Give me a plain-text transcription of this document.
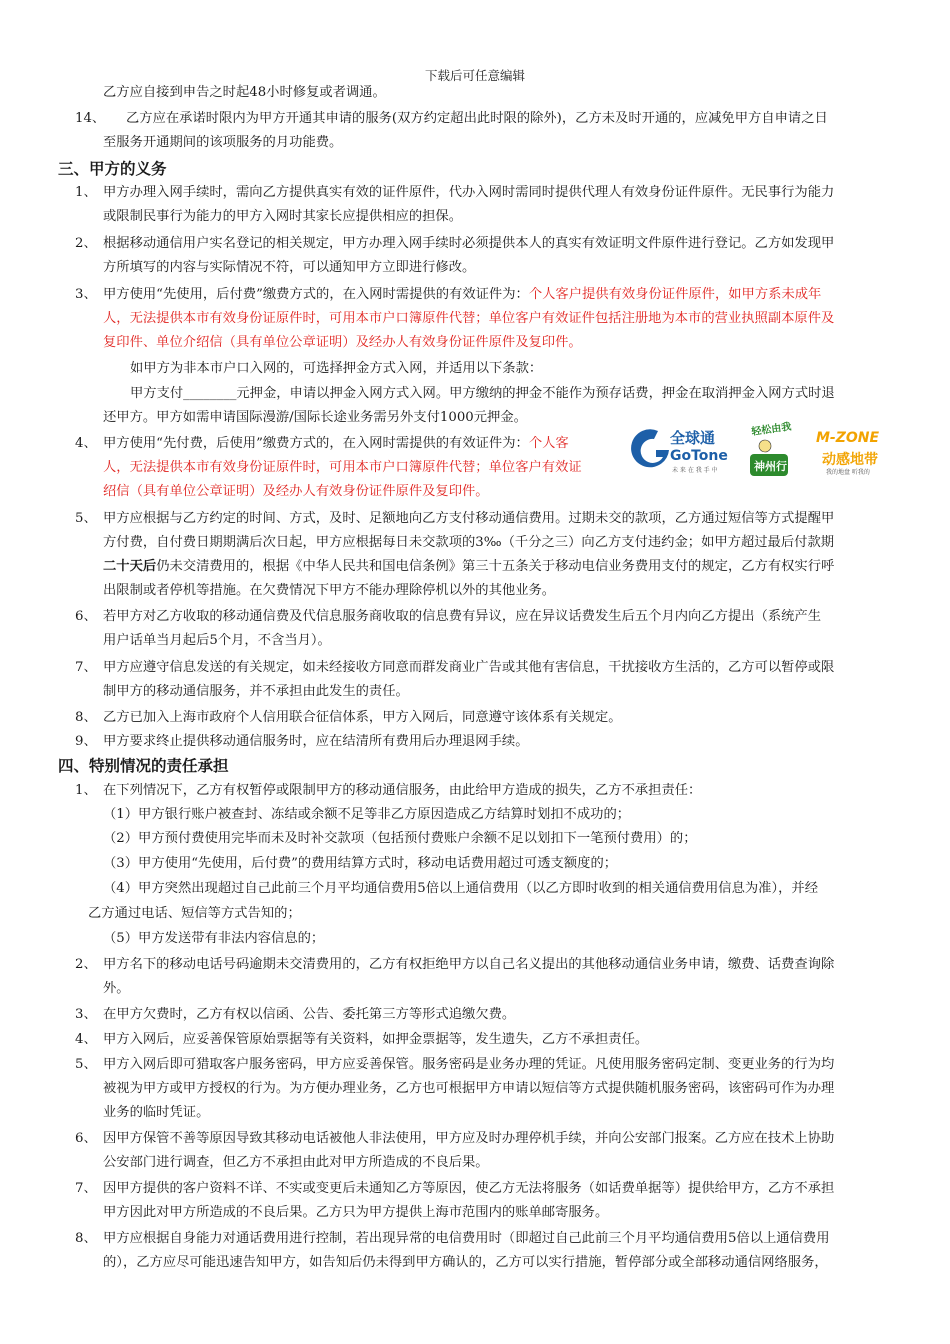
下载后可任意编辑
乙方应自接到申告之时起48小时修复或者调通。
14、 乙方应在承诺时限内为甲方开通其申请的服务(双方约定超出此时限的除外)，乙方未及时开通的，应减免甲方自申请之日
至服务开通期间的该项服务的月功能费。
三、甲方的义务
1、 甲方办理入网手续时，需向乙方提供真实有效的证件原件，代办入网时需同时提供代理人有效身份证件原件。无民事行为能力
或限制民事行为能力的甲方入网时其家长应提供相应的担保。
2、 根据移动通信用户实名登记的相关规定，甲方办理入网手续时必须提供本人的真实有效证明文件原件进行登记。乙方如发现甲
方所填写的内容与实际情况不符，可以通知甲方立即进行修改。
3、 甲方使用“先使用，后付费”缴费方式的，在入网时需提供的有效证件为：个人客户提供有效身份证件原件，如甲方系未成年
人，无法提供本市有效身份证原件时，可用本市户口簿原件代替；单位客户有效证件包括注册地为本市的营业执照副本原件及
复印件、单位介绍信（具有单位公章证明）及经办人有效身份证件原件及复印件。
如甲方为非本市户口入网的，可选择押金方式入网，并适用以下条款：
甲方支付________元押金，申请以押金入网方式入网。甲方缴纳的押金不能作为预存话费，押金在取消押金入网方式时退
还甲方。甲方如需申请国际漫游/国际长途业务需另外支付1000元押金。
4、 甲方使用“先付费，后使用”缴费方式的，在入网时需提供的有效证件为：个人客
人，无法提供本市有效身份证原件时，可用本市户口簿原件代替；单位客户有效证
绍信（具有单位公章证明）及经办人有效身份证件原件及复印件。
全球通
GoTone
未 来 在 我 手 中
轻松由我
神州行
M-ZONE
动感地带
我的地盘 听我的
5、 甲方应根据与乙方约定的时间、方式，及时、足额地向乙方支付移动通信费用。过期未交的款项，乙方通过短信等方式提醒甲
方付费，自付费日期期满后次日起，甲方应根据每日未交款项的3‰（千分之三）向乙方支付违约金；如甲方超过最后付款期
二十天后仍未交清费用的，根据《中华人民共和国电信条例》第三十五条关于移动电信业务费用支付的规定，乙方有权实行呼
出限制或者停机等措施。在欠费情况下甲方不能办理除停机以外的其他业务。
6、 若甲方对乙方收取的移动通信费及代信息服务商收取的信息费有异议，应在异议话费发生后五个月内向乙方提出（系统产生
用户话单当月起后5个月，不含当月）。
7、 甲方应遵守信息发送的有关规定，如未经接收方同意而群发商业广告或其他有害信息，干扰接收方生活的，乙方可以暂停或限
制甲方的移动通信服务，并不承担由此发生的责任。
8、 乙方已加入上海市政府个人信用联合征信体系，甲方入网后，同意遵守该体系有关规定。
9、 甲方要求终止提供移动通信服务时，应在结清所有费用后办理退网手续。
四、特别情况的责任承担
1、 在下列情况下，乙方有权暂停或限制甲方的移动通信服务，由此给甲方造成的损失，乙方不承担责任：
（1）甲方银行账户被查封、冻结或余额不足等非乙方原因造成乙方结算时划扣不成功的；
（2）甲方预付费使用完毕而未及时补交款项（包括预付费账户余额不足以划扣下一笔预付费用）的；
（3）甲方使用“先使用，后付费”的费用结算方式时，移动电话费用超过可透支额度的；
（4）甲方突然出现超过自己此前三个月平均通信费用5倍以上通信费用（以乙方即时收到的相关通信费用信息为准），并经
乙方通过电话、短信等方式告知的；
（5）甲方发送带有非法内容信息的；
2、 甲方名下的移动电话号码逾期未交清费用的，乙方有权拒绝甲方以自己名义提出的其他移动通信业务申请，缴费、话费查询除
外。
3、 在甲方欠费时，乙方有权以信函、公告、委托第三方等形式追缴欠费。
4、 甲方入网后，应妥善保管原始票据等有关资料，如押金票据等，发生遗失，乙方不承担责任。
5、 甲方入网后即可猎取客户服务密码，甲方应妥善保管。服务密码是业务办理的凭证。凡使用服务密码定制、变更业务的行为均
被视为甲方或甲方授权的行为。为方便办理业务，乙方也可根据甲方申请以短信等方式提供随机服务密码，该密码可作为办理
业务的临时凭证。
6、 因甲方保管不善等原因导致其移动电话被他人非法使用，甲方应及时办理停机手续，并向公安部门报案。乙方应在技术上协助
公安部门进行调查，但乙方不承担由此对甲方所造成的不良后果。
7、 因甲方提供的客户资料不详、不实或变更后未通知乙方等原因，使乙方无法将服务（如话费单据等）提供给甲方，乙方不承担
甲方因此对甲方所造成的不良后果。乙方只为甲方提供上海市范围内的账单邮寄服务。
8、 甲方应根据自身能力对通话费用进行控制，若出现异常的电信费用时（即超过自己此前三个月平均通信费用5倍以上通信费用
的），乙方应尽可能迅速告知甲方，如告知后仍未得到甲方确认的，乙方可以实行措施，暂停部分或全部移动通信网络服务，
